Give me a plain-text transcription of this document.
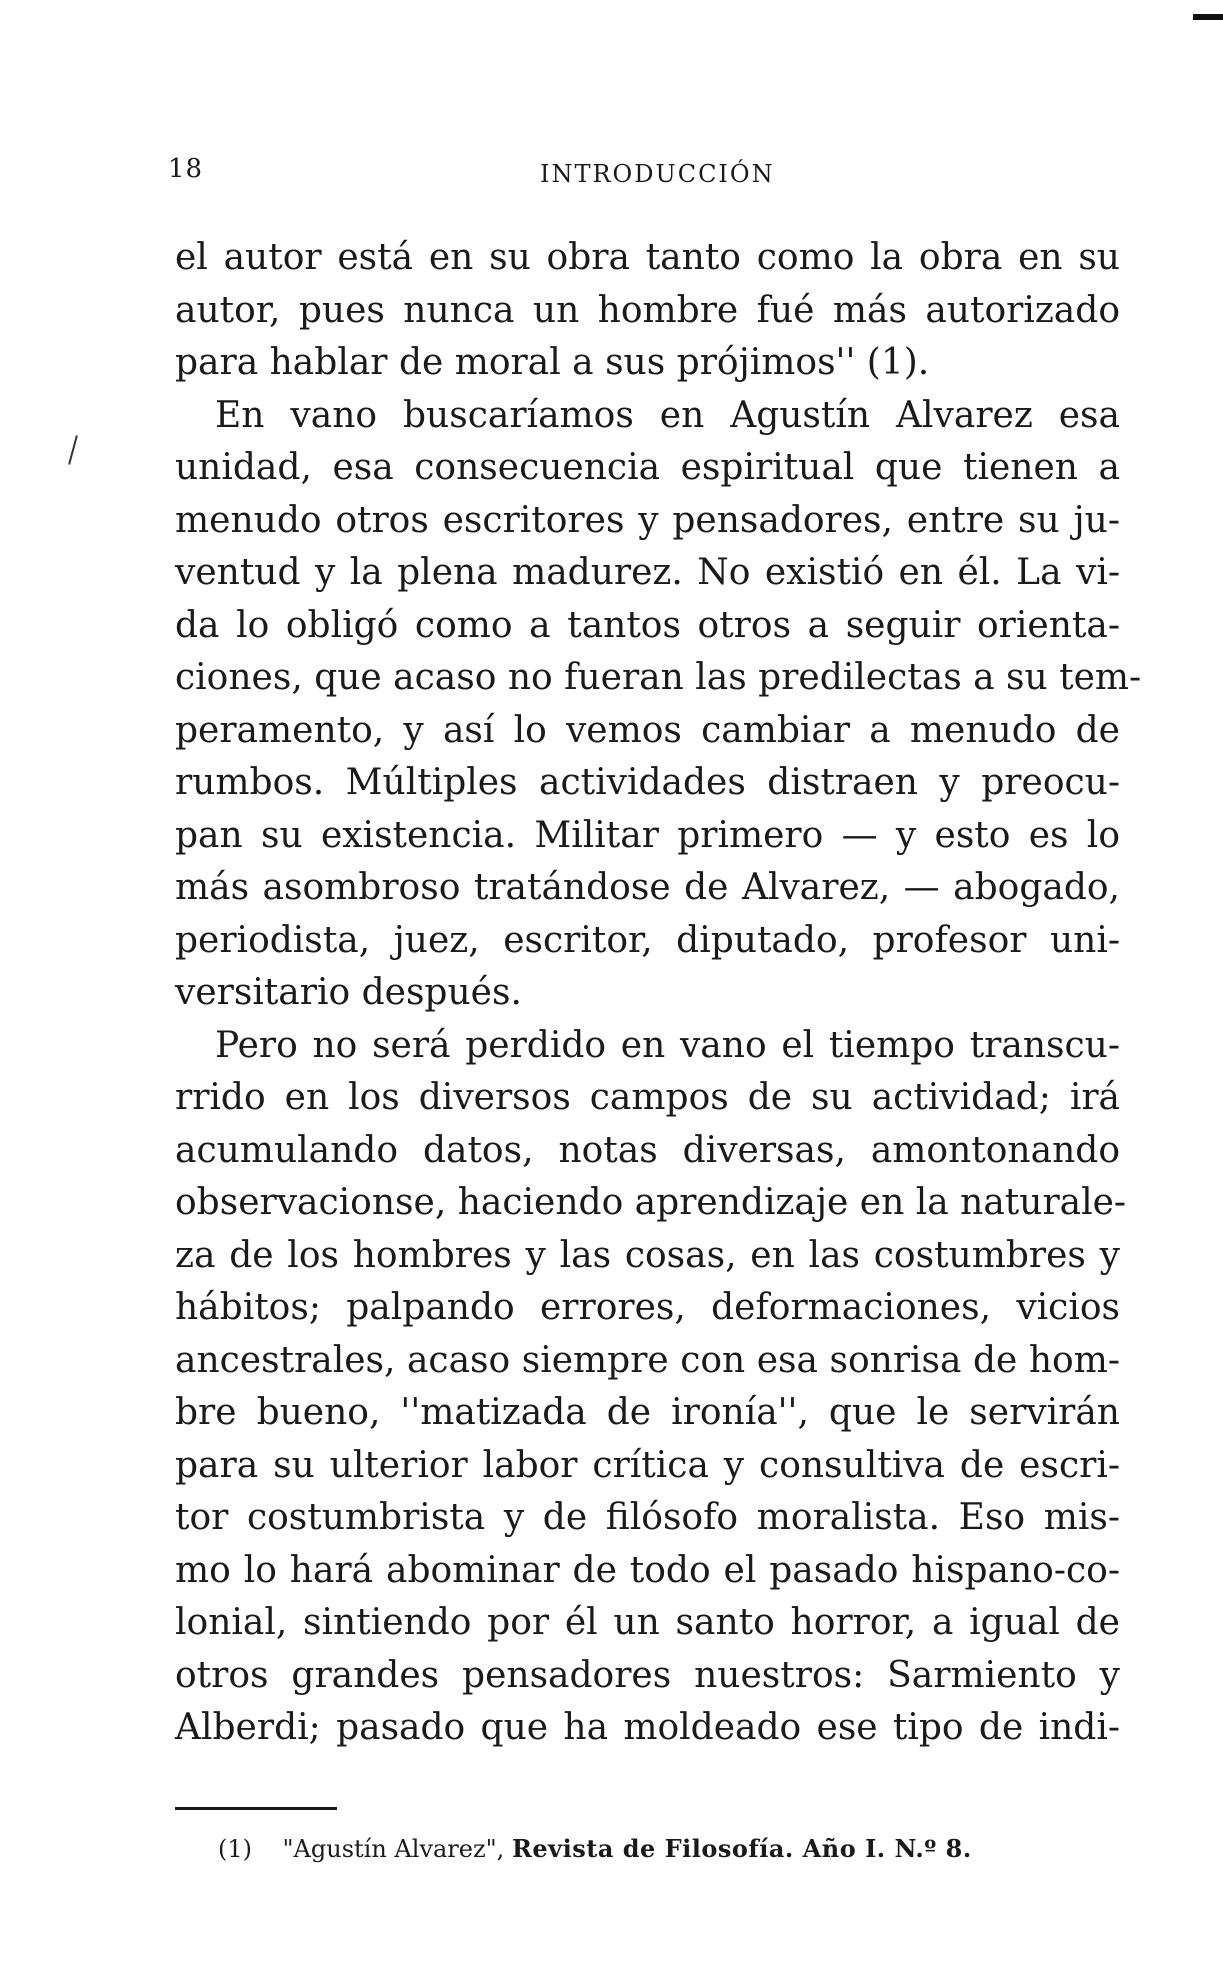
18	INTRODUCCIÓN
el autor está en su obra tanto como la obra en su
autor, pues nunca un hombre fué más autorizado
para hablar de moral a sus prójimos'' (1).
En vano buscaríamos en Agustín Alvarez esa
unidad, esa consecuencia espiritual que tienen a
menudo otros escritores y pensadores, entre su ju-
ventud y la plena madurez. No existió en él. La vi-
da lo obligó como a tantos otros a seguir orienta-
ciones, que acaso no fueran las predilectas a su tem-
peramento, y así lo vemos cambiar a menudo de
rumbos. Múltiples actividades distraen y preocu-
pan su existencia. Militar primero — y esto es lo
más asombroso tratándose de Alvarez, — abogado,
periodista, juez, escritor, diputado, profesor uni-
versitario después.
Pero no será perdido en vano el tiempo transcu-
rrido en los diversos campos de su actividad; irá
acumulando datos, notas diversas, amontonando
observacionse, haciendo aprendizaje en la naturale-
za de los hombres y las cosas, en las costumbres y
hábitos; palpando errores, deformaciones, vicios
ancestrales, acaso siempre con esa sonrisa de hom-
bre bueno, ''matizada de ironía'', que le servirán
para su ulterior labor crítica y consultiva de escri-
tor costumbrista y de filósofo moralista. Eso mis-
mo lo hará abominar de todo el pasado hispano-co-
lonial, sintiendo por él un santo horror, a igual de
otros grandes pensadores nuestros: Sarmiento y
Alberdi; pasado que ha moldeado ese tipo de indi-
(1) "Agustín Alvarez", Revista de Filosofía. Año I. N.º 8.
